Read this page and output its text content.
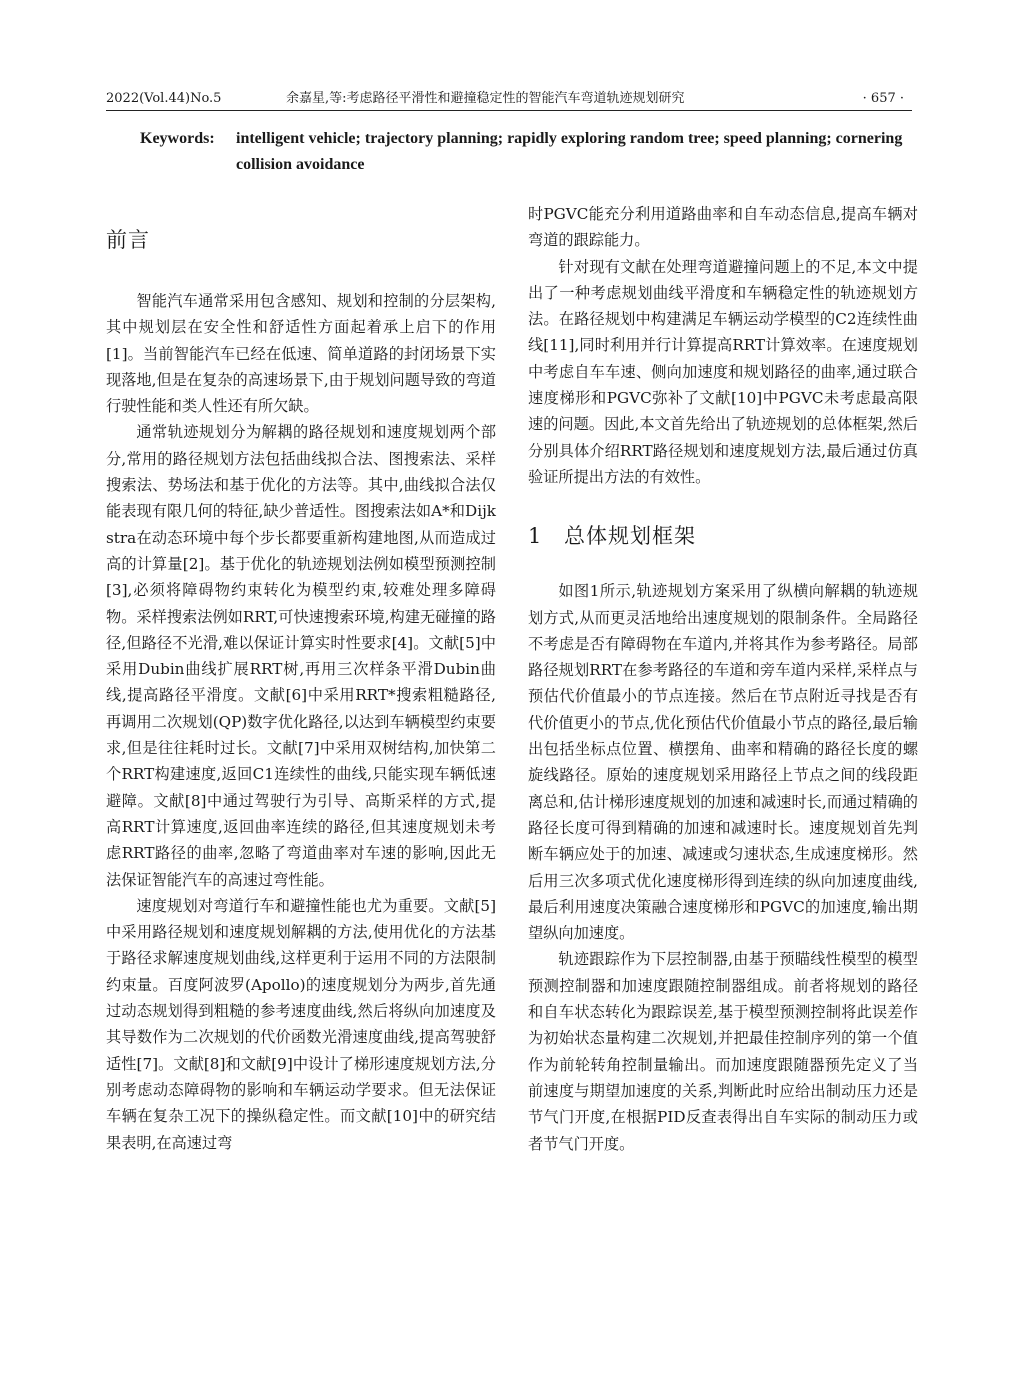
2022(Vol.44)No.5	余嘉星,等:考虑路径平滑性和避撞稳定性的智能汽车弯道轨迹规划研究	· 657 ·
Keywords:	intelligent vehicle; trajectory planning; rapidly exploring random tree; speed planning; cornering collision avoidance
前言

智能汽车通常采用包含感知、规划和控制的分层架构,其中规划层在安全性和舒适性方面起着承上启下的作用[1]。当前智能汽车已经在低速、简单道路的封闭场景下实现落地,但是在复杂的高速场景下,由于规划问题导致的弯道行驶性能和类人性还有所欠缺。

通常轨迹规划分为解耦的路径规划和速度规划两个部分,常用的路径规划方法包括曲线拟合法、图搜索法、采样搜索法、势场法和基于优化的方法等。其中,曲线拟合法仅能表现有限几何的特征,缺少普适性。图搜索法如A*和Dijkstra在动态环境中每个步长都要重新构建地图,从而造成过高的计算量[2]。基于优化的轨迹规划法例如模型预测控制[3],必须将障碍物约束转化为模型约束,较难处理多障碍物。采样搜索法例如RRT,可快速搜索环境,构建无碰撞的路径,但路径不光滑,难以保证计算实时性要求[4]。文献[5]中采用Dubin曲线扩展RRT树,再用三次样条平滑Dubin曲线,提高路径平滑度。文献[6]中采用RRT*搜索粗糙路径,再调用二次规划(QP)数字优化路径,以达到车辆模型约束要求,但是往往耗时过长。文献[7]中采用双树结构,加快第二个RRT构建速度,返回C1连续性的曲线,只能实现车辆低速避障。文献[8]中通过驾驶行为引导、高斯采样的方式,提高RRT计算速度,返回曲率连续的路径,但其速度规划未考虑RRT路径的曲率,忽略了弯道曲率对车速的影响,因此无法保证智能汽车的高速过弯性能。

速度规划对弯道行车和避撞性能也尤为重要。文献[5]中采用路径规划和速度规划解耦的方法,使用优化的方法基于路径求解速度规划曲线,这样更利于运用不同的方法限制约束量。百度阿波罗(Apollo)的速度规划分为两步,首先通过动态规划得到粗糙的参考速度曲线,然后将纵向加速度及其导数作为二次规划的代价函数光滑速度曲线,提高驾驶舒适性[7]。文献[8]和文献[9]中设计了梯形速度规划方法,分别考虑动态障碍物的影响和车辆运动学要求。但无法保证车辆在复杂工况下的操纵稳定性。而文献[10]中的研究结果表明,在高速过弯

时PGVC能充分利用道路曲率和自车动态信息,提高车辆对弯道的跟踪能力。

针对现有文献在处理弯道避撞问题上的不足,本文中提出了一种考虑规划曲线平滑度和车辆稳定性的轨迹规划方法。在路径规划中构建满足车辆运动学模型的C2连续性曲线[11],同时利用并行计算提高RRT计算效率。在速度规划中考虑自车车速、侧向加速度和规划路径的曲率,通过联合速度梯形和PGVC弥补了文献[10]中PGVC未考虑最高限速的问题。因此,本文首先给出了轨迹规划的总体框架,然后分别具体介绍RRT路径规划和速度规划方法,最后通过仿真验证所提出方法的有效性。

1 总体规划框架

如图1所示,轨迹规划方案采用了纵横向解耦的轨迹规划方式,从而更灵活地给出速度规划的限制条件。全局路径不考虑是否有障碍物在车道内,并将其作为参考路径。局部路径规划RRT在参考路径的车道和旁车道内采样,采样点与预估代价值最小的节点连接。然后在节点附近寻找是否有代价值更小的节点,优化预估代价值最小节点的路径,最后输出包括坐标点位置、横摆角、曲率和精确的路径长度的螺旋线路径。原始的速度规划采用路径上节点之间的线段距离总和,估计梯形速度规划的加速和减速时长,而通过精确的路径长度可得到精确的加速和减速时长。速度规划首先判断车辆应处于的加速、减速或匀速状态,生成速度梯形。然后用三次多项式优化速度梯形得到连续的纵向加速度曲线,最后利用速度决策融合速度梯形和PGVC的加速度,输出期望纵向加速度。

轨迹跟踪作为下层控制器,由基于预瞄线性模型的模型预测控制器和加速度跟随控制器组成。前者将规划的路径和自车状态转化为跟踪误差,基于模型预测控制将此误差作为初始状态量构建二次规划,并把最佳控制序列的第一个值作为前轮转角控制量输出。而加速度跟随器预先定义了当前速度与期望加速度的关系,判断此时应给出制动压力还是节气门开度,在根据PID反查表得出自车实际的制动压力或者节气门开度。
